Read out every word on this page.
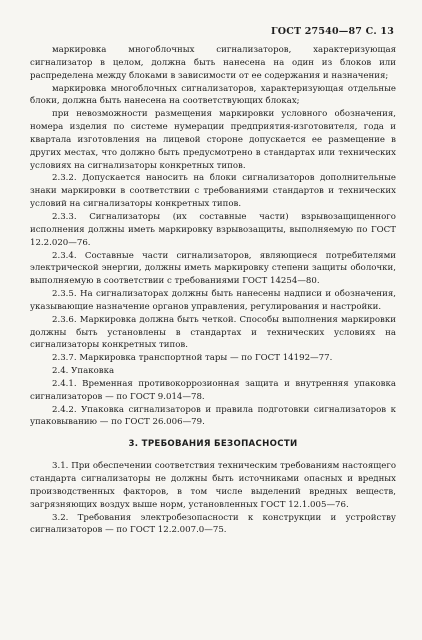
ГОСТ 27540—87 С. 13

маркировка многоблочных сигнализаторов, характеризующая сигнализатор в целом, должна быть нанесена на один из блоков или распределена между блоками в зависимости от ее содержания и назначения;

маркировка многоблочных сигнализаторов, характеризующая отдельные блоки, должна быть нанесена на соответствующих блоках;

при невозможности размещения маркировки условного обозначения, номера изделия по системе нумерации предприятия-изготовителя, года и квартала изготовления на лицевой стороне допускается ее размещение в других местах, что должно быть предусмотрено в стандартах или технических условиях на сигнализаторы конкретных типов.

2.3.2. Допускается наносить на блоки сигнализаторов дополнительные знаки маркировки в соответствии с требованиями стандартов и технических условий на сигнализаторы конкретных типов.

2.3.3. Сигнализаторы (их составные части) взрывозащищенного исполнения должны иметь маркировку взрывозащиты, выполняемую по ГОСТ 12.2.020—76.

2.3.4. Составные части сигнализаторов, являющиеся потребителями электрической энергии, должны иметь маркировку степени защиты оболочки, выполняемую в соответствии с требованиями ГОСТ 14254—80.

2.3.5. На сигнализаторах должны быть нанесены надписи и обозначения, указывающие назначение органов управления, регулирования и настройки.

2.3.6. Маркировка должна быть четкой. Способы выполнения маркировки должны быть установлены в стандартах и технических условиях на сигнализаторы конкретных типов.

2.3.7. Маркировка транспортной тары — по ГОСТ 14192—77.

2.4. Упаковка

2.4.1. Временная противокоррозионная защита и внутренняя упаковка сигнализаторов — по ГОСТ 9.014—78.

2.4.2. Упаковка сигнализаторов и правила подготовки сигнализаторов к упаковыванию — по ГОСТ 26.006—79.

3. ТРЕБОВАНИЯ БЕЗОПАСНОСТИ

3.1. При обеспечении соответствия техническим требованиям настоящего стандарта сигнализаторы не должны быть источниками опасных и вредных производственных факторов, в том числе выделений вредных веществ, загрязняющих воздух выше норм, установленных ГОСТ 12.1.005—76.

3.2. Требования электробезопасности к конструкции и устройству сигнализаторов — по ГОСТ 12.2.007.0—75.
